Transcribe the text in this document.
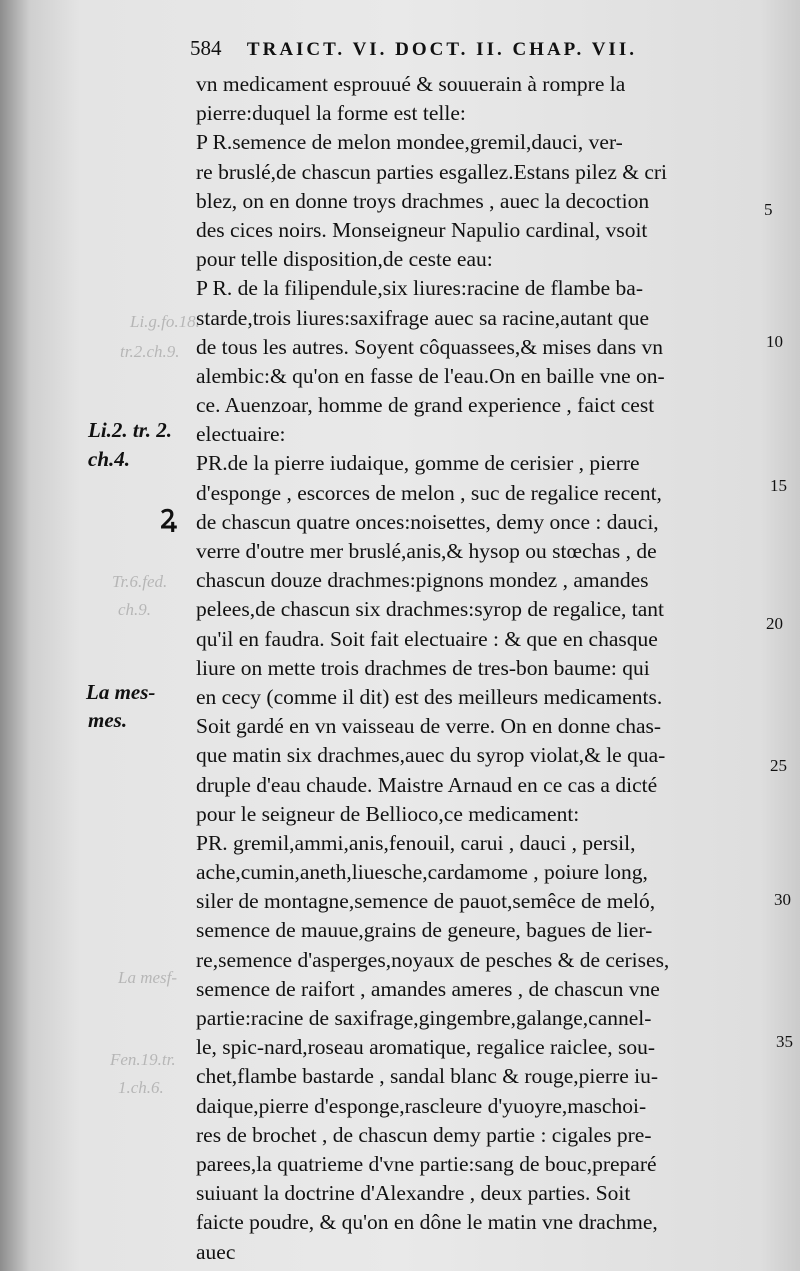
584 TRAICT. VI. DOCT. II. CHAP. VII.
vn medicament esprouué & souuerain à rompre la
pierre:duquel la forme est telle:
P R.semence de melon mondee,gremil,dauci, ver-
re bruslé,de chascun parties esgallez.Estans pilez & cri
blez, on en donne troys drachmes , auec la decoction
des cices noirs. Monseigneur Napulio cardinal, vsoit
pour telle disposition,de ceste eau:
P R. de la filipendule,six liures:racine de flambe ba-
starde,trois liures:saxifrage auec sa racine,autant que
de tous les autres. Soyent côquassees,& mises dans vn
alembic:& qu'on en fasse de l'eau.On en baille vne on-
ce. Auenzoar, homme de grand experience , faict cest
electuaire:
PR.de la pierre iudaique, gomme de cerisier , pierre
d'esponge , escorces de melon , suc de regalice recent,
de chascun quatre onces:noisettes, demy once : dauci,
verre d'outre mer bruslé,anis,& hysop ou stœchas , de
chascun douze drachmes:pignons mondez , amandes
pelees,de chascun six drachmes:syrop de regalice, tant
qu'il en faudra. Soit fait electuaire : & que en chasque
liure on mette trois drachmes de tres-bon baume: qui
en cecy (comme il dit) est des meilleurs medicaments.
Soit gardé en vn vaisseau de verre. On en donne chas-
que matin six drachmes,auec du syrop violat,& le qua-
druple d'eau chaude. Maistre Arnaud en ce cas a dicté
pour le seigneur de Bellioco,ce medicament:
PR. gremil,ammi,anis,fenouil, carui , dauci , persil,
ache,cumin,aneth,liuesche,cardamome , poiure long,
siler de montagne,semence de pauot,semêce de meló,
semence de mauue,grains de geneure, bagues de lier-
re,semence d'asperges,noyaux de pesches & de cerises,
semence de raifort , amandes ameres , de chascun vne
partie:racine de saxifrage,gingembre,galange,cannel-
le, spic-nard,roseau aromatique, regalice raiclee, sou-
chet,flambe bastarde , sandal blanc & rouge,pierre iu-
daique,pierre d'esponge,rascleure d'yuoyre,maschoi-
res de brochet , de chascun demy partie : cigales pre-
parees,la quatrieme d'vne partie:sang de bouc,preparé
suiuant la doctrine d'Alexandre , deux parties. Soit
faicte poudre, & qu'on en dône le matin vne drachme,
auec
Li.2. tr. 2.
ch.4.
La mes-
mes.
Ꝝ
5
10
15
20
25
30
35
Li.g.fo.18.
tr.2.ch.9.
Tr.6.fed.
ch.9.
La mesf-
Fen.19.tr.
1.ch.6.
